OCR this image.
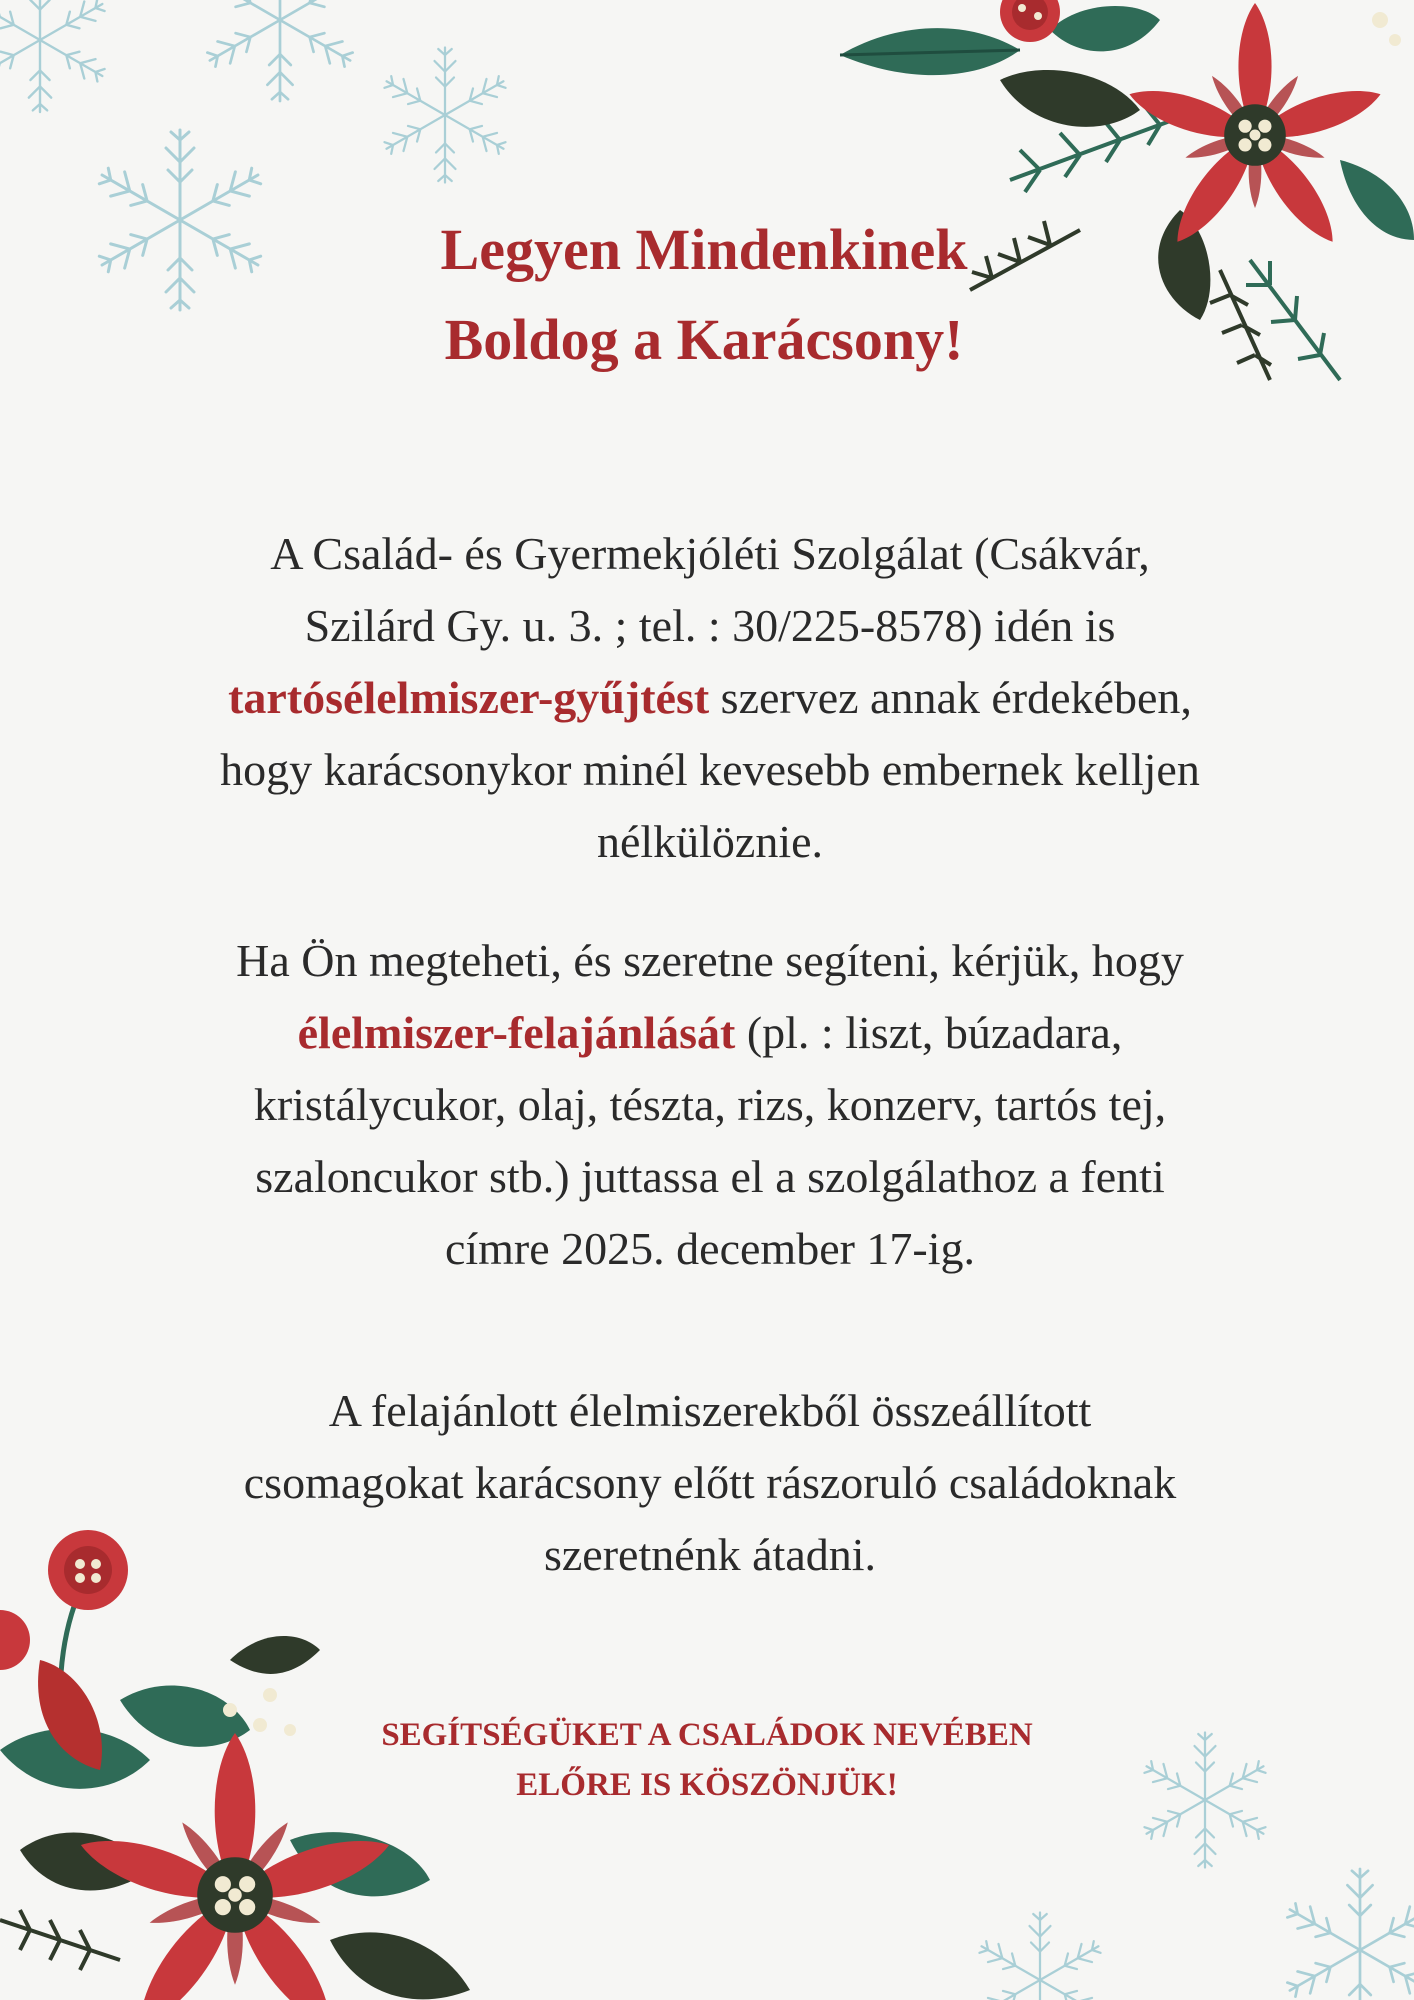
Legyen Mindenkinek
Boldog a Karácsony!
A Család- és Gyermekjóléti Szolgálat (Csákvár,
Szilárd Gy. u. 3. ; tel. : 30/225-8578) idén is
tartósélelmiszer-gyűjtést szervez annak érdekében,
hogy karácsonykor minél kevesebb embernek kelljen
nélkülöznie.
Ha Ön megteheti, és szeretne segíteni, kérjük, hogy
élelmiszer-felajánlását (pl. : liszt, búzadara,
kristálycukor, olaj, tészta, rizs, konzerv, tartós tej,
szaloncukor stb.) juttassa el a szolgálathoz a fenti
címre 2025. december 17-ig.
A felajánlott élelmiszerekből összeállított
csomagokat karácsony előtt rászoruló családoknak
szeretnénk átadni.
SEGÍTSÉGÜKET A CSALÁDOK NEVÉBEN
ELŐRE IS KÖSZÖNJÜK!
